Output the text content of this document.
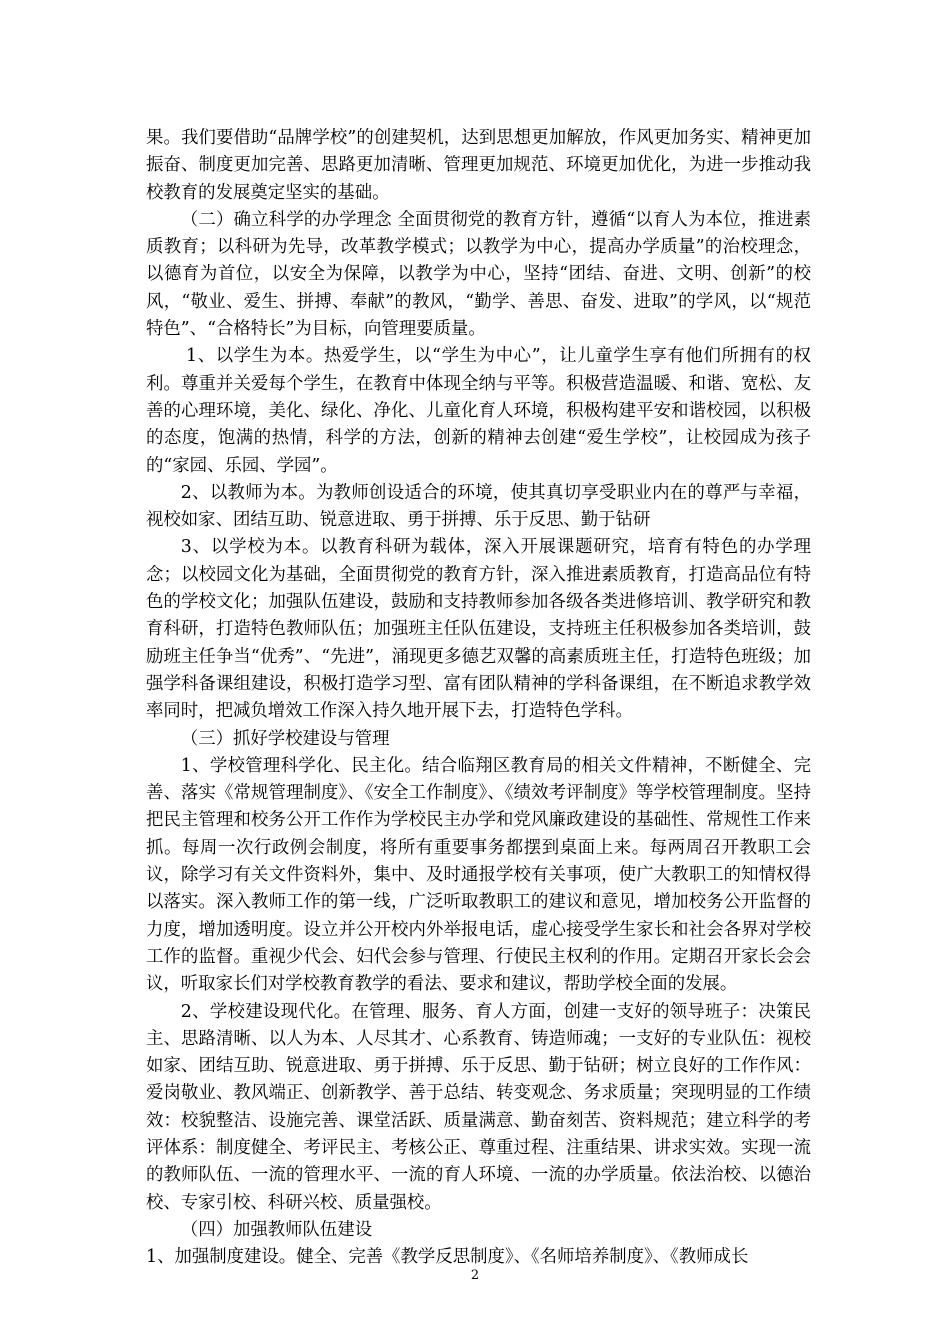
果。我们要借助“品牌学校”的创建契机，达到思想更加解放，作风更加务实、精神更加振奋、制度更加完善、思路更加清晰、管理更加规范、环境更加优化，为进一步推动我校教育的发展奠定坚实的基础。

（二）确立科学的办学理念 全面贯彻党的教育方针，遵循“以育人为本位，推进素质教育；以科研为先导，改革教学模式；以教学为中心，提高办学质量”的治校理念，以德育为首位，以安全为保障，以教学为中心，坚持“团结、奋进、文明、创新”的校风，“敬业、爱生、拼搏、奉献”的教风，“勤学、善思、奋发、进取”的学风，以“规范特色”、“合格特长”为目标，向管理要质量。

1、以学生为本。热爱学生，以“学生为中心”，让儿童学生享有他们所拥有的权利。尊重并关爱每个学生，在教育中体现全纳与平等。积极营造温暖、和谐、宽松、友善的心理环境，美化、绿化、净化、儿童化育人环境，积极构建平安和谐校园，以积极的态度，饱满的热情，科学的方法，创新的精神去创建“爱生学校”，让校园成为孩子的“家园、乐园、学园”。

2、以教师为本。为教师创设适合的环境，使其真切享受职业内在的尊严与幸福，视校如家、团结互助、锐意进取、勇于拼搏、乐于反思、勤于钻研

3、以学校为本。以教育科研为载体，深入开展课题研究，培育有特色的办学理念；以校园文化为基础，全面贯彻党的教育方针，深入推进素质教育，打造高品位有特色的学校文化；加强队伍建设，鼓励和支持教师参加各级各类进修培训、教学研究和教育科研，打造特色教师队伍；加强班主任队伍建设，支持班主任积极参加各类培训，鼓励班主任争当“优秀”、“先进”，涌现更多德艺双馨的高素质班主任，打造特色班级；加强学科备课组建设，积极打造学习型、富有团队精神的学科备课组，在不断追求教学效率同时，把减负增效工作深入持久地开展下去，打造特色学科。

（三）抓好学校建设与管理

1、学校管理科学化、民主化。结合临翔区教育局的相关文件精神，不断健全、完善、落实《常规管理制度》、《安全工作制度》、《绩效考评制度》等学校管理制度。坚持把民主管理和校务公开工作作为学校民主办学和党风廉政建设的基础性、常规性工作来抓。每周一次行政例会制度，将所有重要事务都摆到桌面上来。每两周召开教职工会议，除学习有关文件资料外，集中、及时通报学校有关事项，使广大教职工的知情权得以落实。深入教师工作的第一线，广泛听取教职工的建议和意见，增加校务公开监督的力度，增加透明度。设立并公开校内外举报电话，虚心接受学生家长和社会各界对学校工作的监督。重视少代会、妇代会参与管理、行使民主权利的作用。定期召开家长会会议，听取家长们对学校教育教学的看法、要求和建议，帮助学校全面的发展。

2、学校建设现代化。在管理、服务、育人方面，创建一支好的领导班子：决策民主、思路清晰、以人为本、人尽其才、心系教育、铸造师魂；一支好的专业队伍：视校如家、团结互助、锐意进取、勇于拼搏、乐于反思、勤于钻研；树立良好的工作作风：爱岗敬业、教风端正、创新教学、善于总结、转变观念、务求质量；突现明显的工作绩效：校貌整洁、设施完善、课堂活跃、质量满意、勤奋刻苦、资料规范；建立科学的考评体系：制度健全、考评民主、考核公正、尊重过程、注重结果、讲求实效。实现一流的教师队伍、一流的管理水平、一流的育人环境、一流的办学质量。依法治校、以德治校、专家引校、科研兴校、质量强校。

（四）加强教师队伍建设

1、加强制度建设。健全、完善《教学反思制度》、《名师培养制度》、《教师成长

2
